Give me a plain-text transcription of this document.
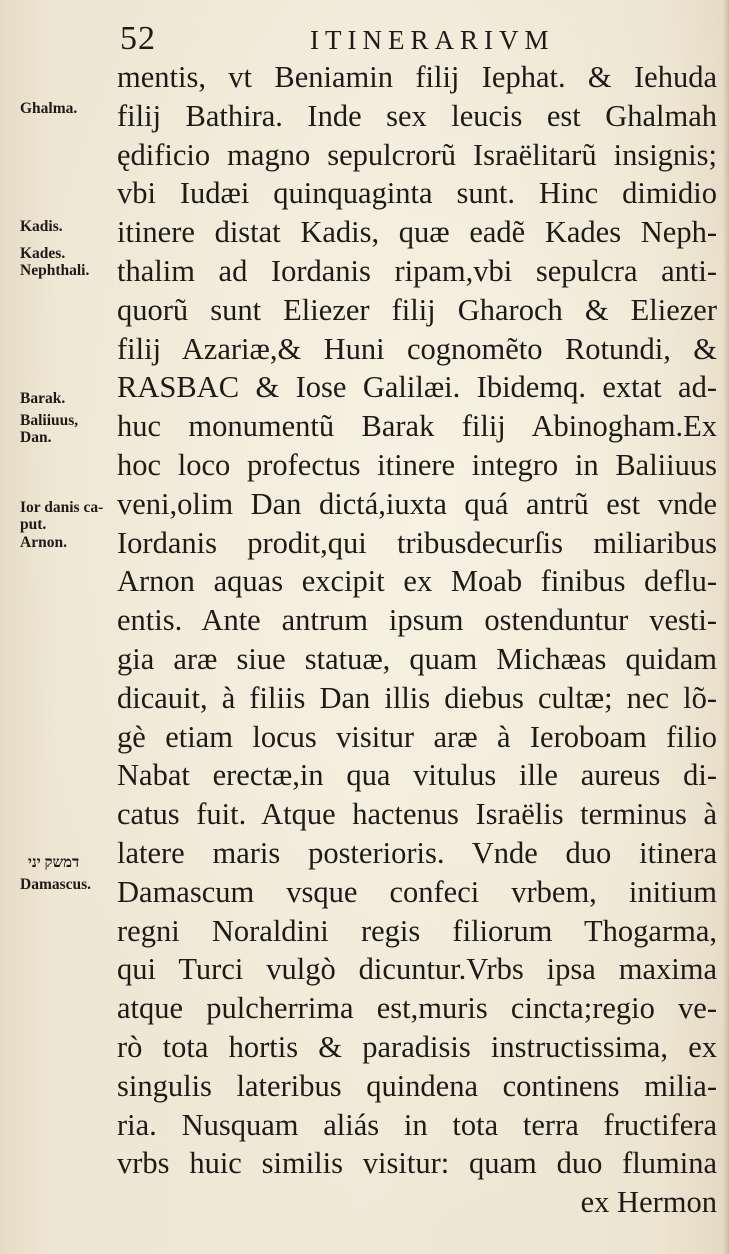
52	ITINERARIVM
Ghalma.
Kadis.
Kades.
Nephthali.
Barak.
Baliiuus,
Dan.
Ior danis ca-
put.
Arnon.
דמשק יני
Damascus.
mentis, vt Beniamin filij Iephat. & Iehuda
filij Bathira. Inde sex leucis est Ghalmah
ędificio magno sepulcrorũ Israëlitarũ insignis;
vbi Iudæi quinquaginta sunt. Hinc dimidio
itinere distat Kadis, quæ eadẽ Kades Neph-
thalim ad Iordanis ripam,vbi sepulcra anti-
quorũ sunt Eliezer filij Gharoch & Eliezer
filij Azariæ,& Huni cognomẽto Rotundi, &
RASBAC & Iose Galilæi. Ibidemq. extat ad-
huc monumentũ Barak filij Abinogham.Ex
hoc loco profectus itinere integro in Baliiuus
veni,olim Dan dictá,iuxta quá antrũ est vnde
Iordanis prodit,qui tribusdecurſis miliaribus
Arnon aquas excipit ex Moab finibus deflu-
entis. Ante antrum ipsum ostenduntur vesti-
gia aræ siue statuæ, quam Michæas quidam
dicauit, à filiis Dan illis diebus cultæ; nec lõ-
gè etiam locus visitur aræ à Ieroboam filio
Nabat erectæ,in qua vitulus ille aureus di-
catus fuit. Atque hactenus Israëlis terminus à
latere maris posterioris. Vnde duo itinera
Damascum vsque confeci vrbem, initium
regni Noraldini regis filiorum Thogarma,
qui Turci vulgò dicuntur.Vrbs ipsa maxima
atque pulcherrima est,muris cincta;regio ve-
rò tota hortis & paradisis instructissima, ex
singulis lateribus quindena continens milia-
ria. Nusquam aliás in tota terra fructifera
vrbs huic similis visitur: quam duo flumina
ex Hermon
